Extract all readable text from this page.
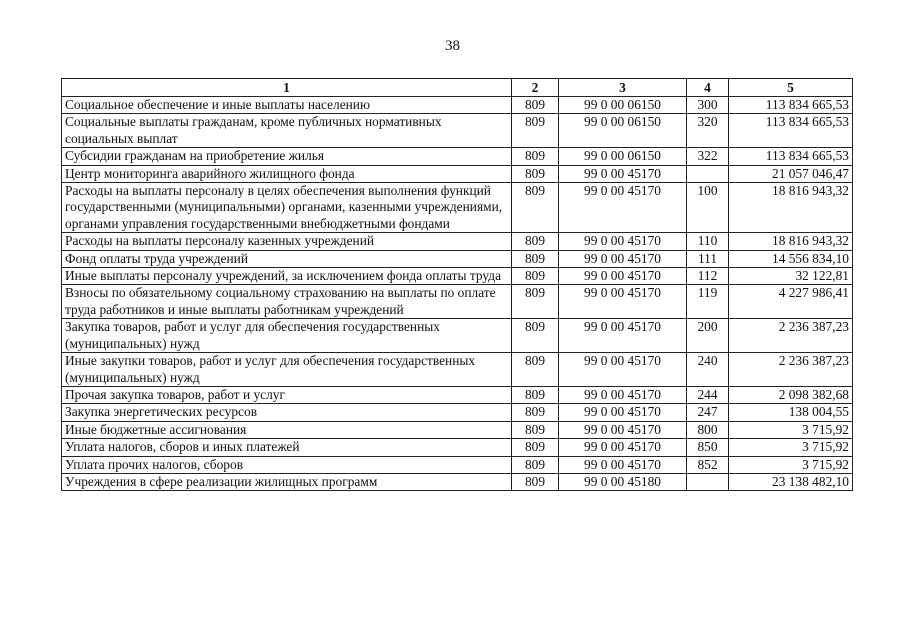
38
1	2	3	4	5
Социальное обеспечение и иные выплаты населению	809	99 0 00 06150	300	113 834 665,53
Социальные выплаты гражданам, кроме публичных нормативных социальных выплат	809	99 0 00 06150	320	113 834 665,53
Субсидии гражданам на приобретение жилья	809	99 0 00 06150	322	113 834 665,53
Центр мониторинга аварийного жилищного фонда	809	99 0 00 45170		21 057 046,47
Расходы на выплаты персоналу в целях обеспечения выполнения функций государственными (муниципальными) органами, казенными учреждениями, органами управления государственными внебюджетными фондами	809	99 0 00 45170	100	18 816 943,32
Расходы на выплаты персоналу казенных учреждений	809	99 0 00 45170	110	18 816 943,32
Фонд оплаты труда учреждений	809	99 0 00 45170	111	14 556 834,10
Иные выплаты персоналу учреждений, за исключением фонда оплаты труда	809	99 0 00 45170	112	32 122,81
Взносы по обязательному социальному страхованию на выплаты по оплате труда работников и иные выплаты работникам учреждений	809	99 0 00 45170	119	4 227 986,41
Закупка товаров, работ и услуг для обеспечения государственных (муниципальных) нужд	809	99 0 00 45170	200	2 236 387,23
Иные закупки товаров, работ и услуг для обеспечения государственных (муниципальных) нужд	809	99 0 00 45170	240	2 236 387,23
Прочая закупка товаров, работ и услуг	809	99 0 00 45170	244	2 098 382,68
Закупка энергетических ресурсов	809	99 0 00 45170	247	138 004,55
Иные бюджетные ассигнования	809	99 0 00 45170	800	3 715,92
Уплата налогов, сборов и иных платежей	809	99 0 00 45170	850	3 715,92
Уплата прочих налогов, сборов	809	99 0 00 45170	852	3 715,92
Учреждения в сфере реализации жилищных программ	809	99 0 00 45180		23 138 482,10
